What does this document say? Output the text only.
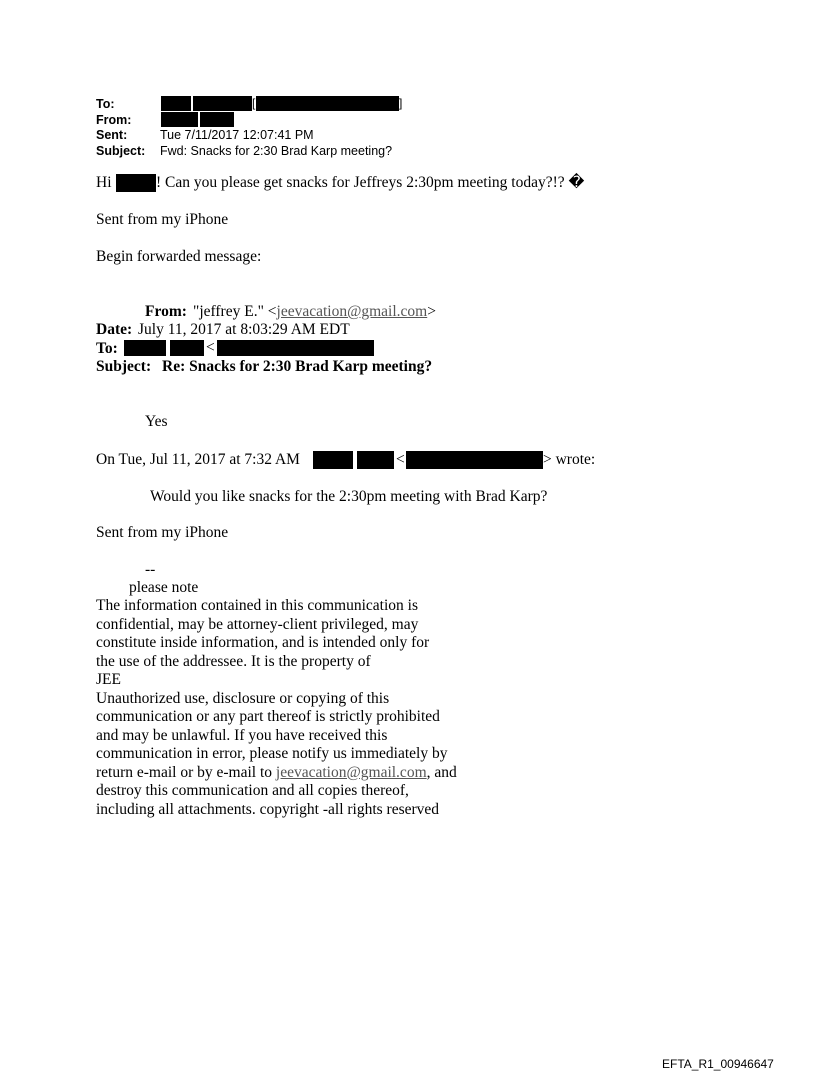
To:	[	]
From:
Sent:	Tue 7/11/2017 12:07:41 PM
Subject: Fwd: Snacks for 2:30 Brad Karp meeting?
Hi	! Can you please get snacks for Jeffreys 2:30pm meeting today?!? �
Sent from my iPhone
Begin forwarded message:
From: "jeffrey E." <jeevacation@gmail.com>
Date: July 11, 2017 at 8:03:29 AM EDT
To:	<
Subject: Re: Snacks for 2:30 Brad Karp meeting?
Yes
On Tue, Jul 11, 2017 at 7:32 AM	<	> wrote:
Would you like snacks for the 2:30pm meeting with Brad Karp?
Sent from my iPhone
--
please note
The information contained in this communication is
confidential, may be attorney-client privileged, may
constitute inside information, and is intended only for
the use of the addressee. It is the property of
JEE
Unauthorized use, disclosure or copying of this
communication or any part thereof is strictly prohibited
and may be unlawful. If you have received this
communication in error, please notify us immediately by
return e-mail or by e-mail to jeevacation@gmail.com, and
destroy this communication and all copies thereof,
including all attachments. copyright -all rights reserved
EFTA_R1_00946647
